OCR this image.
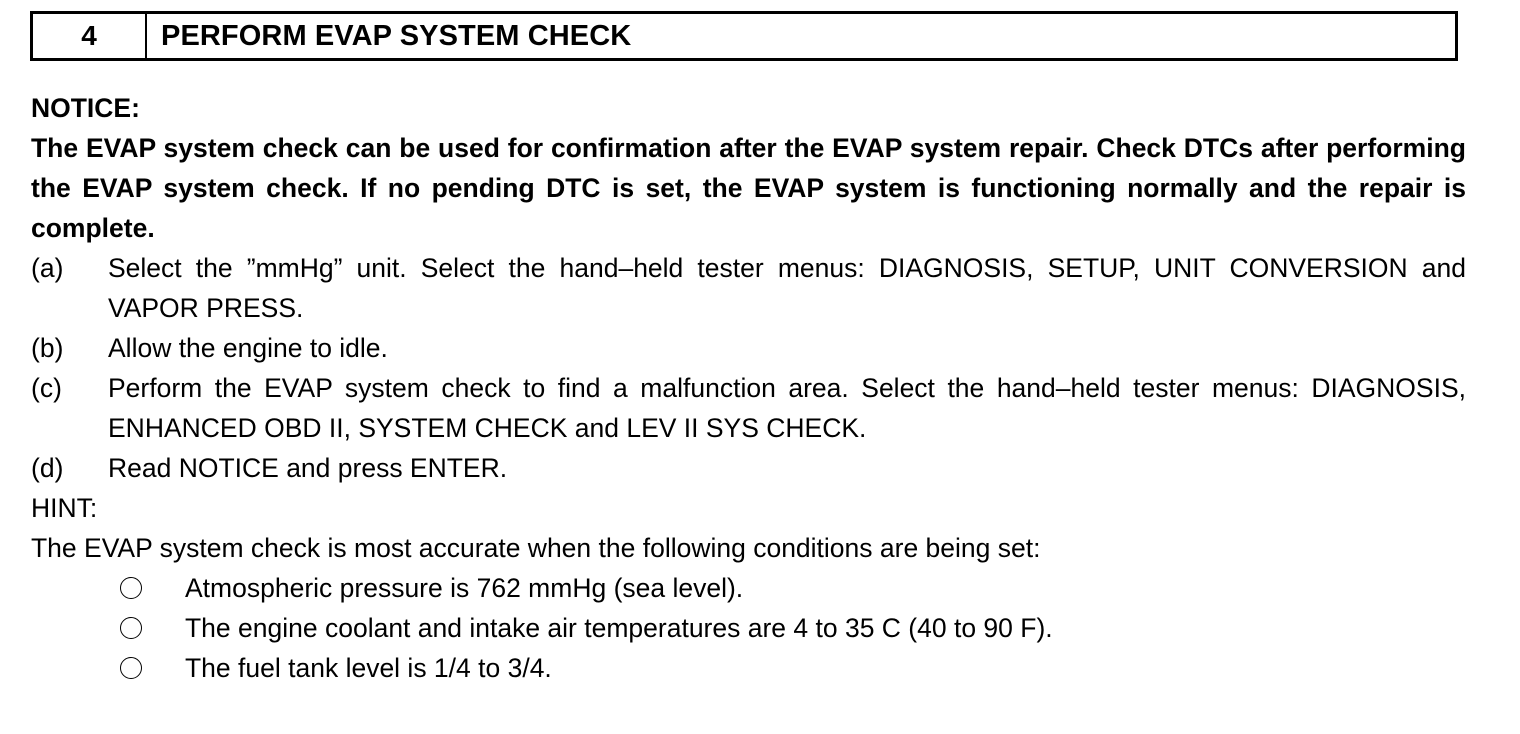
4	PERFORM EVAP SYSTEM CHECK

NOTICE:

The EVAP system check can be used for confirmation after the EVAP system repair. Check DTCs after performing the EVAP system check. If no pending DTC is set, the EVAP system is functioning normally and the repair is complete.

(a)	Select the ”mmHg” unit. Select the hand–held tester menus: DIAGNOSIS, SETUP, UNIT CONVERSION and VAPOR PRESS.
(b)	Allow the engine to idle.
(c)	Perform the EVAP system check to find a malfunction area. Select the hand–held tester menus: DIAGNOSIS, ENHANCED OBD II, SYSTEM CHECK and LEV II SYS CHECK.
(d)	Read NOTICE and press ENTER.

HINT:

The EVAP system check is most accurate when the following conditions are being set:

Atmospheric pressure is 762 mmHg (sea level).
The engine coolant and intake air temperatures are 4 to 35 C (40 to 90 F).
The fuel tank level is 1/4 to 3/4.
